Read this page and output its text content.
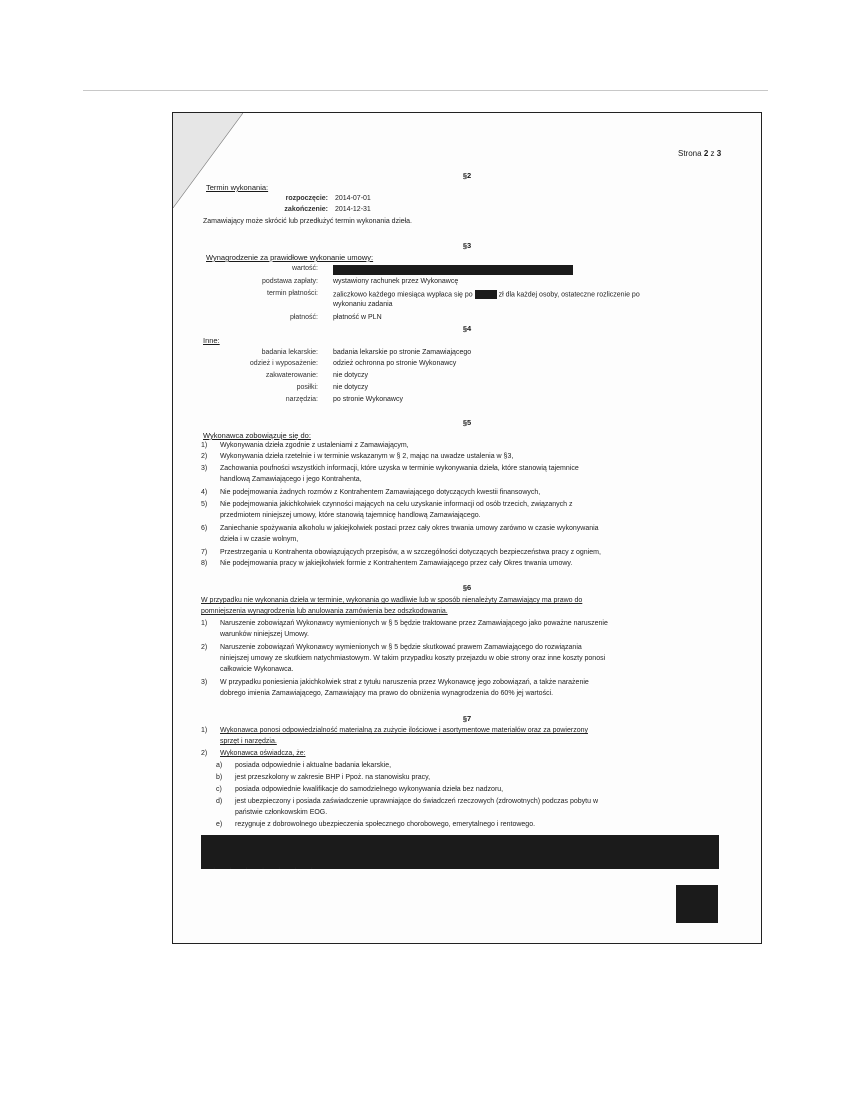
Strona 2 z 3
§2
Termin wykonania:
rozpoczęcie: 2014-07-01
zakończenie: 2014-12-31
Zamawiający może skrócić lub przedłużyć termin wykonania dzieła.
§3
Wynagrodzenie za prawidłowe wykonanie umowy:
wartość:
podstawa zapłaty: wystawiony rachunek przez Wykonawcę
termin płatności: zaliczkowo każdego miesiąca wypłaca się po	zł dla każdej osoby, ostateczne rozliczenie po
wykonaniu zadania
płatność: płatność w PLN
§4
Inne:
badania lekarskie: badania lekarskie po stronie Zamawiającego
odzież i wyposażenie: odzież ochronna po stronie Wykonawcy
zakwaterowanie: nie dotyczy
posiłki: nie dotyczy
narzędzia: po stronie Wykonawcy
§5
Wykonawca zobowiązuje się do:
1) Wykonywania dzieła zgodnie z ustaleniami z Zamawiającym,
2) Wykonywania dzieła rzetelnie i w terminie wskazanym w § 2, mając na uwadze ustalenia w §3,
3) Zachowania poufności wszystkich informacji, które uzyska w terminie wykonywania dzieła, które stanowią tajemnice
handlową Zamawiającego i jego Kontrahenta,
4) Nie podejmowania żadnych rozmów z Kontrahentem Zamawiającego dotyczących kwestii finansowych,
5) Nie podejmowania jakichkolwiek czynności mających na celu uzyskanie informacji od osób trzecich, związanych z
przedmiotem niniejszej umowy, które stanowią tajemnicę handlową Zamawiającego.
6) Zaniechanie spożywania alkoholu w jakiejkolwiek postaci przez cały okres trwania umowy zarówno w czasie wykonywania
dzieła i w czasie wolnym,
7) Przestrzegania u Kontrahenta obowiązujących przepisów, a w szczególności dotyczących bezpieczeństwa pracy z ogniem,
8) Nie podejmowania pracy w jakiejkolwiek formie z Kontrahentem Zamawiającego przez cały Okres trwania umowy.
§6
W przypadku nie wykonania dzieła w terminie, wykonania go wadliwie lub w sposób nienależyty Zamawiający ma prawo do
pomniejszenia wynagrodzenia lub anulowania zamówienia bez odszkodowania.
1) Naruszenie zobowiązań Wykonawcy wymienionych w § 5 będzie traktowane przez Zamawiającego jako poważne naruszenie
warunków niniejszej Umowy.
2) Naruszenie zobowiązań Wykonawcy wymienionych w § 5 będzie skutkować prawem Zamawiającego do rozwiązania
niniejszej umowy ze skutkiem natychmiastowym. W takim przypadku koszty przejazdu w obie strony oraz inne koszty ponosi
całkowicie Wykonawca.
3) W przypadku poniesienia jakichkolwiek strat z tytułu naruszenia przez Wykonawcę jego zobowiązań, a także narażenie
dobrego imienia Zamawiającego, Zamawiający ma prawo do obniżenia wynagrodzenia do 60% jej wartości.
§7
1) Wykonawca ponosi odpowiedzialność materialną za zużycie ilościowe i asortymentowe materiałów oraz za powierzony
sprzęt i narzędzia.
2) Wykonawca oświadcza, że:
a) posiada odpowiednie i aktualne badania lekarskie,
b) jest przeszkolony w zakresie BHP i Ppoż. na stanowisku pracy,
c) posiada odpowiednie kwalifikacje do samodzielnego wykonywania dzieła bez nadzoru,
d) jest ubezpieczony i posiada zaświadczenie uprawniające do świadczeń rzeczowych (zdrowotnych) podczas pobytu w
państwie członkowskim EOG.
e) rezygnuje z dobrowolnego ubezpieczenia społecznego chorobowego, emerytalnego i rentowego.
· · · · · · ·
